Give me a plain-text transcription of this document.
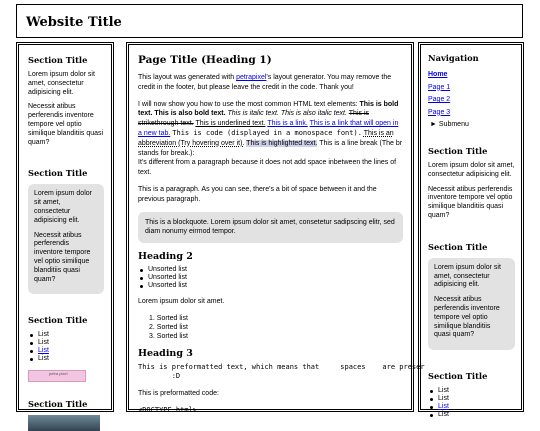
Website Title
Section Title

Lorem ipsum dolor sit amet, consectetur adipisicing elit.

Necessit atibus perferendis inventore tempore vel optio similique blanditiis quasi quam?

Section Title

Lorem ipsum dolor sit amet, consectetur adipisicing elit.

Necessit atibus perferendis inventore tempore vel optio similique blanditiis quasi quam?

Section Title
List
List
List
List
petra pixel
Section Title
Page Title (Heading 1)

This layout was generated with petrapixel's layout generator. You may remove the credit in the footer, but please leave the credit in the code. Thank you!

I will now show you how to use the most common HTML text elements: This is bold text. This is also bold text. This is italic text. This is also italic text. This is strikethrough text. This is underlined text. This is a link. This is a link that will open in a new tab. This is code (displayed in a monospace font). This is an abbreviation (Try hovering over it). This is highlighted text. This is a line break (The br stands for break.):
It's different from a paragraph because it does not add space inbetween the lines of text.

This is a paragraph. As you can see, there's a bit of space between it and the previous paragraph.

This is a blockquote. Lorem ipsum dolor sit amet, consetetur sadipscing elitr, sed diam nonumy eirmod tempor.
Heading 2
Unsorted list
Unsorted list
Unsorted list

Lorem ipsum dolor sit amet.

1. Sorted list
2. Sorted list
3. Sorted list
Heading 3
This is preformatted text, which means that     spaces    are preser
:D

This is preformatted code:

<DOCTYPE html>
Navigation
Home
Page 1
Page 2
Page 3
► Submenu
Section Title

Lorem ipsum dolor sit amet, consectetur adipisicing elit.

Necessit atibus perferendis inventore tempore vel optio similique blanditiis quasi quam?

Section Title

Lorem ipsum dolor sit amet, consectetur adipisicing elit.

Necessit atibus perferendis inventore tempore vel optio similique blanditiis quasi quam?

Section Title
List
List
List
List
